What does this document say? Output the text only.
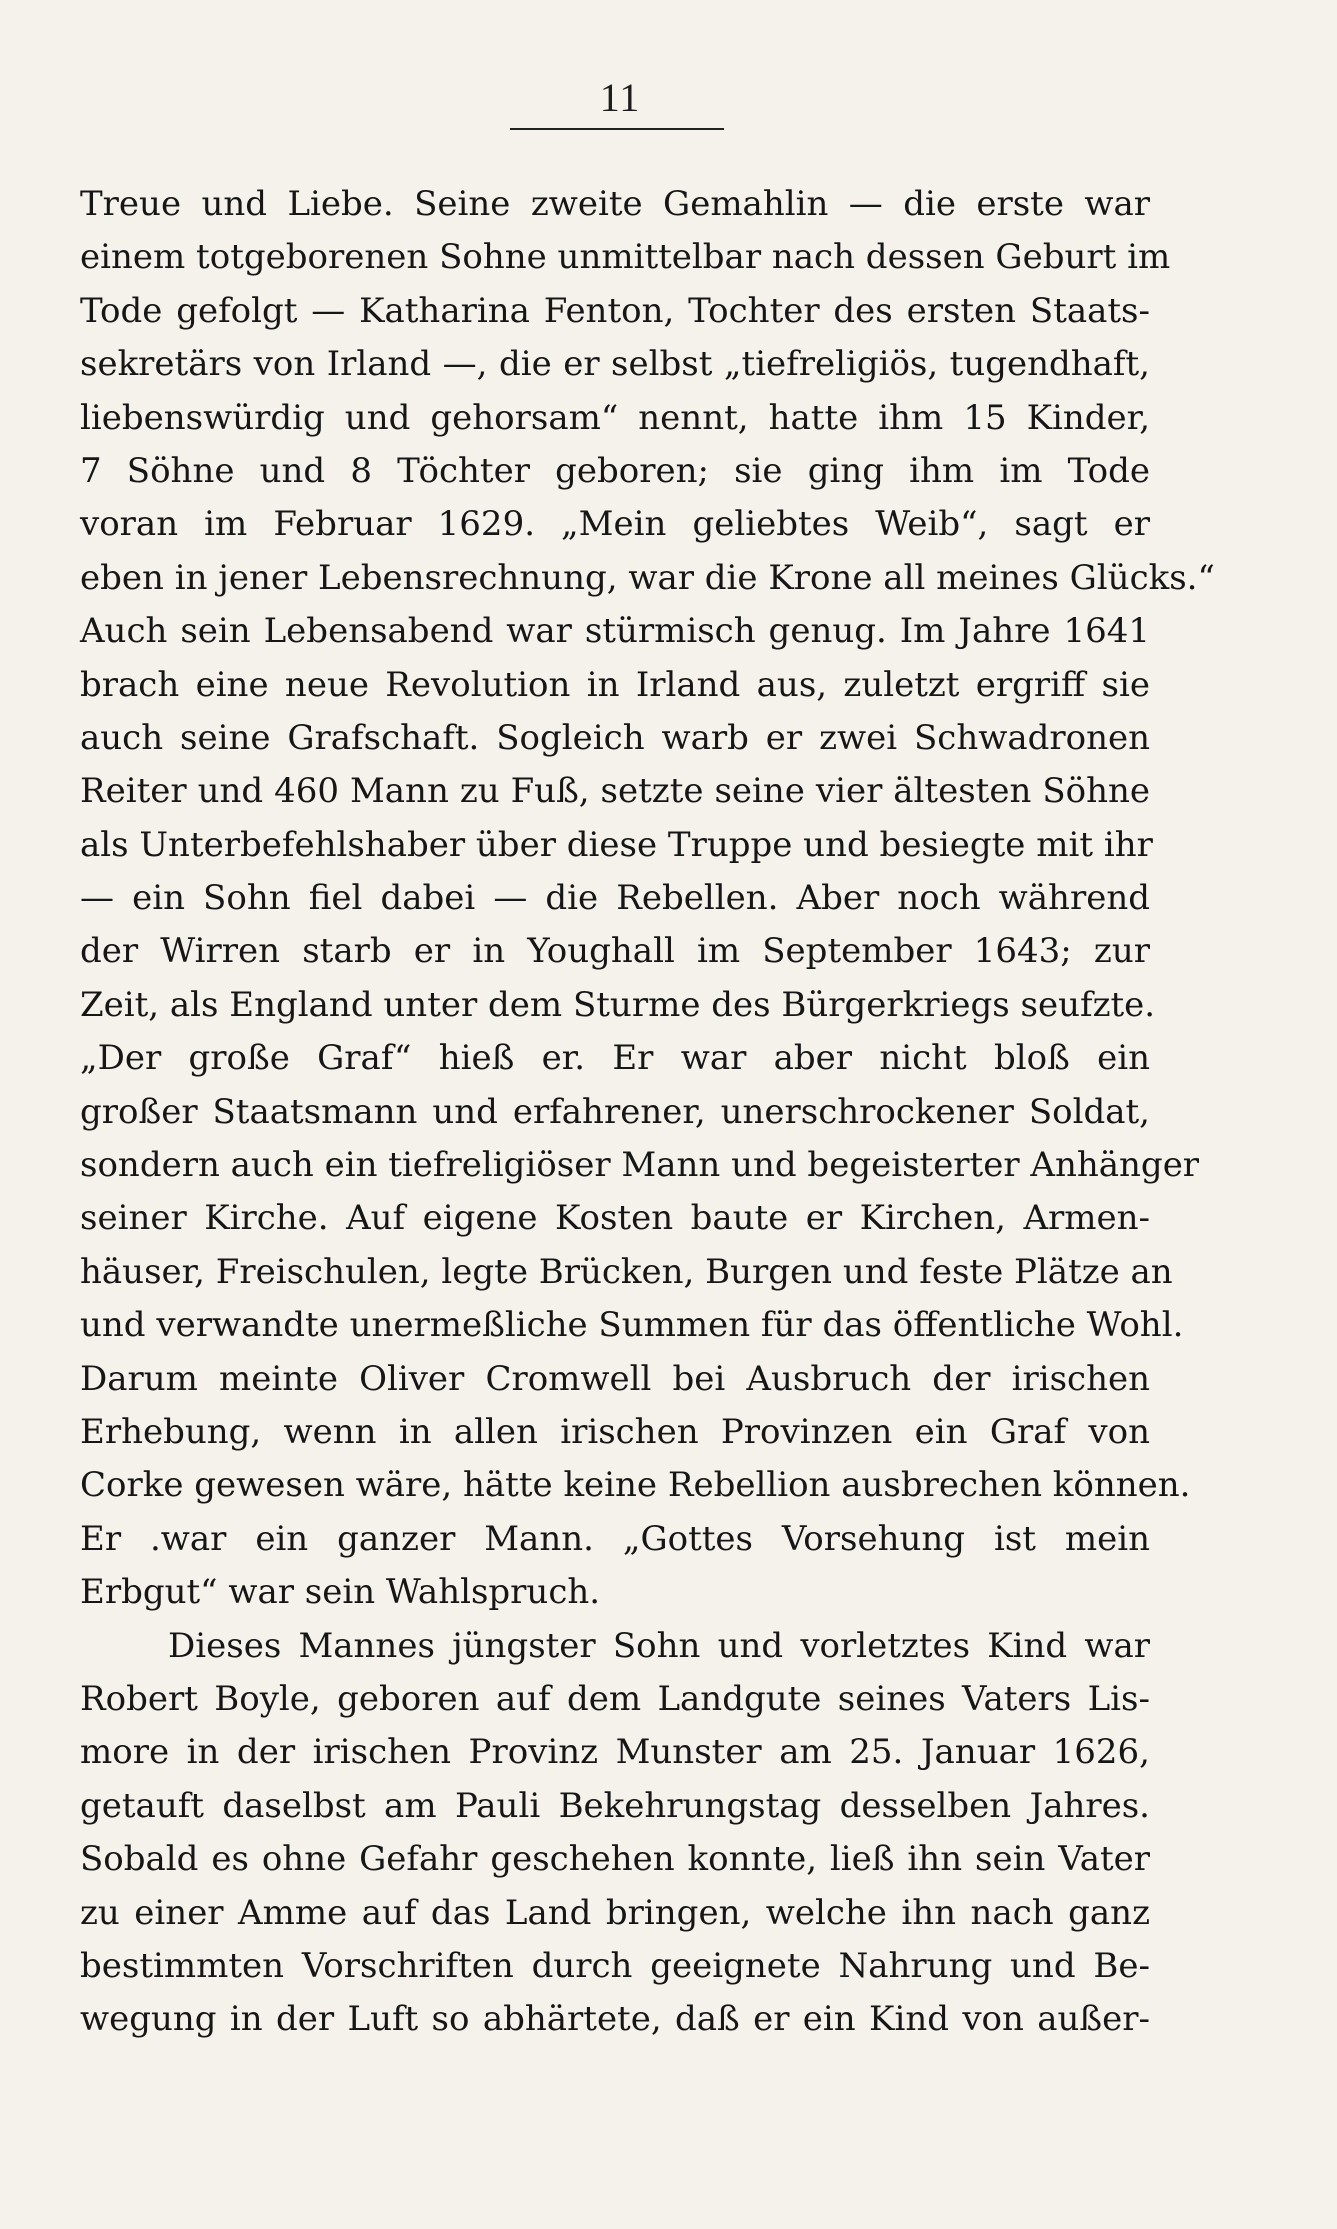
11
Treue und Liebe. Seine zweite Gemahlin — die erste war
einem totgeborenen Sohne unmittelbar nach dessen Geburt im
Tode gefolgt — Katharina Fenton, Tochter des ersten Staats-
sekretärs von Irland —, die er selbst „tiefreligiös, tugendhaft,
liebenswürdig und gehorsam“ nennt, hatte ihm 15 Kinder,
7 Söhne und 8 Töchter geboren; sie ging ihm im Tode
voran im Februar 1629. „Mein geliebtes Weib“, sagt er
eben in jener Lebensrechnung, war die Krone all meines Glücks.“
Auch sein Lebensabend war stürmisch genug. Im Jahre 1641
brach eine neue Revolution in Irland aus, zuletzt ergriff sie
auch seine Grafschaft. Sogleich warb er zwei Schwadronen
Reiter und 460 Mann zu Fuß, setzte seine vier ältesten Söhne
als Unterbefehlshaber über diese Truppe und besiegte mit ihr
— ein Sohn fiel dabei — die Rebellen. Aber noch während
der Wirren starb er in Youghall im September 1643; zur
Zeit, als England unter dem Sturme des Bürgerkriegs seufzte.
„Der große Graf“ hieß er. Er war aber nicht bloß ein
großer Staatsmann und erfahrener, unerschrockener Soldat,
sondern auch ein tiefreligiöser Mann und begeisterter Anhänger
seiner Kirche. Auf eigene Kosten baute er Kirchen, Armen-
häuser, Freischulen, legte Brücken, Burgen und feste Plätze an
und verwandte unermeßliche Summen für das öffentliche Wohl.
Darum meinte Oliver Cromwell bei Ausbruch der irischen
Erhebung, wenn in allen irischen Provinzen ein Graf von
Corke gewesen wäre, hätte keine Rebellion ausbrechen können.
Er .war ein ganzer Mann. „Gottes Vorsehung ist mein
Erbgut“ war sein Wahlspruch.
Dieses Mannes jüngster Sohn und vorletztes Kind war
Robert Boyle, geboren auf dem Landgute seines Vaters Lis-
more in der irischen Provinz Munster am 25. Januar 1626,
getauft daselbst am Pauli Bekehrungstag desselben Jahres.
Sobald es ohne Gefahr geschehen konnte, ließ ihn sein Vater
zu einer Amme auf das Land bringen, welche ihn nach ganz
bestimmten Vorschriften durch geeignete Nahrung und Be-
wegung in der Luft so abhärtete, daß er ein Kind von außer-
